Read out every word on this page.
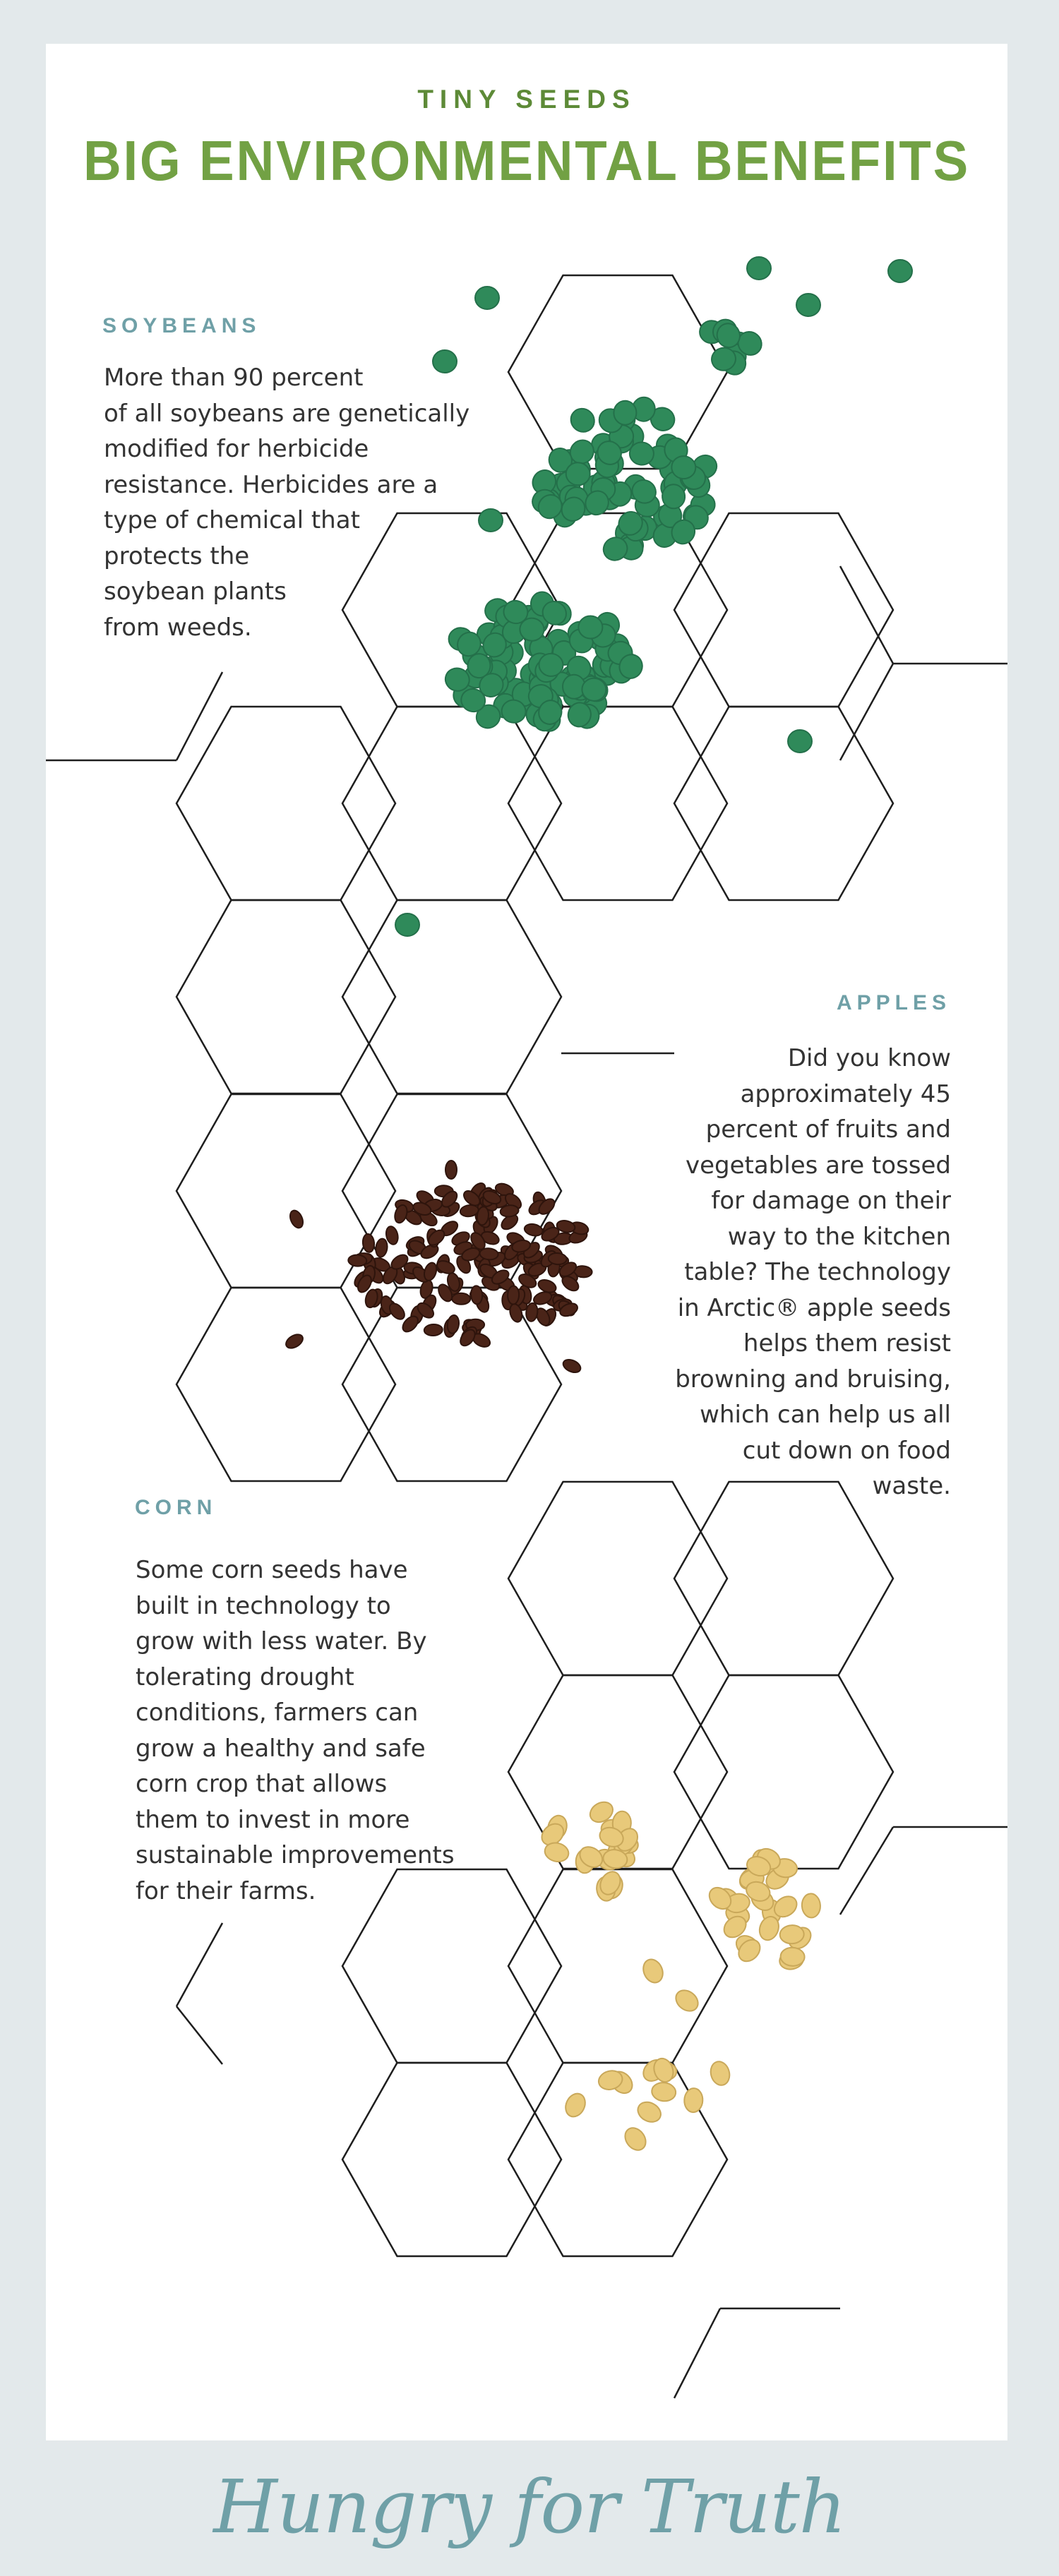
TINY SEEDS
BIG ENVIRONMENTAL BENEFITS
SOYBEANS
More than 90 percent
of all soybeans are genetically
modified for herbicide
resistance. Herbicides are a
type of chemical that
protects the
soybean plants
from weeds.
APPLES
Did you know
approximately 45
percent of fruits and
vegetables are tossed
for damage on their
way to the kitchen
table? The technology
in Arctic® apple seeds
helps them resist
browning and bruising,
which can help us all
cut down on food
waste.
CORN
Some corn seeds have
built in technology to
grow with less water. By
tolerating drought
conditions, farmers can
grow a healthy and safe
corn crop that allows
them to invest in more
sustainable improvements
for their farms.
Hungry for Truth
